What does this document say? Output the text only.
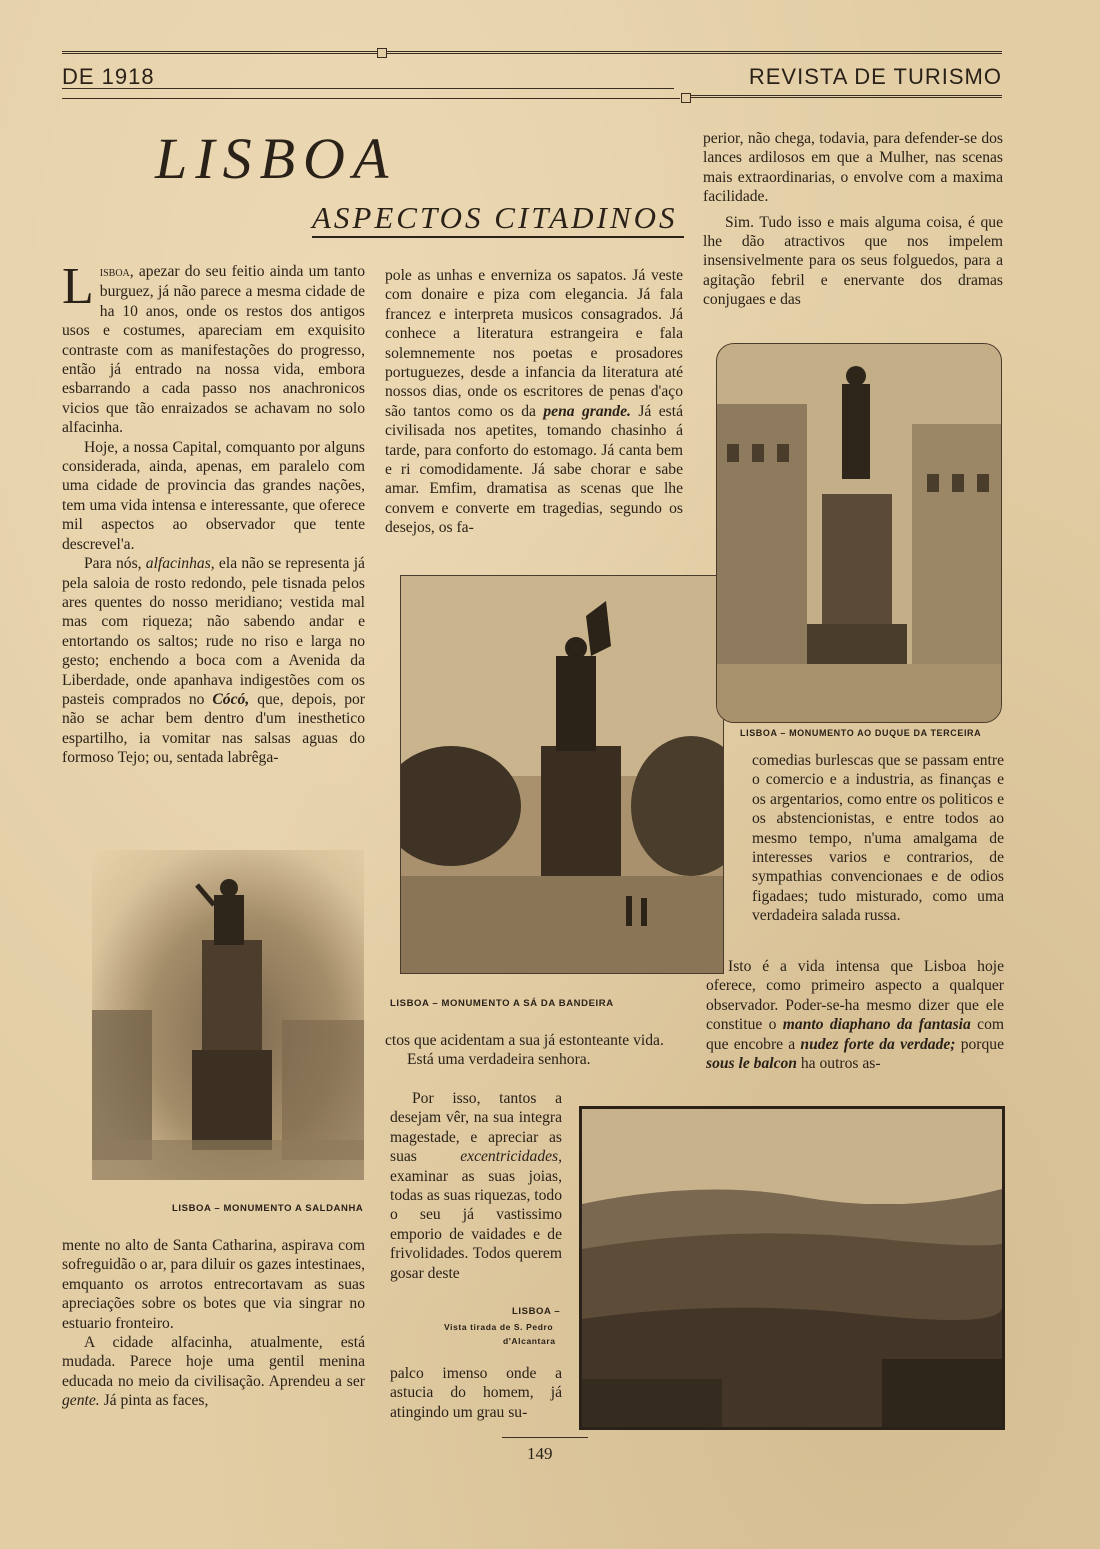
DE 1918	REVISTA DE TURISMO
LISBOA
ASPECTOS CITADINOS

Lisboa, apezar do seu feitio ainda um tanto burguez, já não parece a mesma cidade de ha 10 anos, onde os restos dos antigos usos e costumes, apareciam em exquisito contraste com as manifestações do progresso, então já entrado na nossa vida, embora esbarrando a cada passo nos anachronicos vicios que tão enraizados se achavam no solo alfacinha.

Hoje, a nossa Capital, comquanto por alguns considerada, ainda, apenas, em paralelo com uma cidade de provincia das grandes nações, tem uma vida intensa e interessante, que oferece mil aspectos ao observador que tente descrevel'a.

Para nós, alfacinhas, ela não se representa já pela saloia de rosto redondo, pele tisnada pelos ares quentes do nosso meridiano; vestida mal mas com riqueza; não sabendo andar e entortando os saltos; rude no riso e larga no gesto; enchendo a boca com a Avenida da Liberdade, onde apanhava indigestões com os pasteis comprados no Cócó, que, depois, por não se achar bem dentro d'um inesthetico espartilho, ia vomitar nas salsas aguas do formoso Tejo; ou, sentada labrêga-

LISBOA – MONUMENTO A SALDANHA

mente no alto de Santa Catharina, aspirava com sofreguidão o ar, para diluir os gazes intestinaes, emquanto os arrotos entrecortavam as suas apreciações sobre os botes que via singrar no estuario fronteiro.

A cidade alfacinha, atualmente, está mudada. Parece hoje uma gentil menina educada no meio da civilisação. Aprendeu a ser gente. Já pinta as faces,

pole as unhas e enverniza os sapatos. Já veste com donaire e piza com elegancia. Já fala francez e interpreta musicos consagrados. Já conhece a literatura estrangeira e fala solemnemente nos poetas e prosadores portuguezes, desde a infancia da literatura até nossos dias, onde os escritores de penas d'aço são tantos como os da pena grande. Já está civilisada nos apetites, tomando chasinho á tarde, para conforto do estomago. Já canta bem e ri comodidamente. Já sabe chorar e sabe amar. Emfim, dramatisa as scenas que lhe convem e converte em tragedias, segundo os desejos, os fa-

LISBOA – MONUMENTO A SÁ DA BANDEIRA

ctos que acidentam a sua já estonteante vida.

Está uma verdadeira senhora.

Por isso, tantos a desejam vêr, na sua integra magestade, e apreciar as suas excentricidades, examinar as suas joias, todas as suas riquezas, todo o seu já vastissimo emporio de vaidades e de frivolidades. Todos querem gosar deste

LISBOA –
Vista tirada de S. Pedro
d'Alcantara

palco imenso onde a astucia do homem, já atingindo um grau su-

perior, não chega, todavia, para defender-se dos lances ardilosos em que a Mulher, nas scenas mais extraordinarias, o envolve com a maxima facilidade.

Sim. Tudo isso e mais alguma coisa, é que lhe dão atractivos que nos impelem insensivelmente para os seus folguedos, para a agitação febril e enervante dos dramas conjugaes e das

LISBOA – MONUMENTO AO DUQUE DA TERCEIRA

comedias burlescas que se passam entre o comercio e a industria, as finanças e os argentarios, como entre os politicos e os abstencionistas, e entre todos ao mesmo tempo, n'uma amalgama de interesses varios e contrarios, de sympathias convencionaes e de odios figadaes; tudo misturado, como uma verdadeira salada russa.

Isto é a vida intensa que Lisboa hoje oferece, como primeiro aspecto a qualquer observador. Poder-se-ha mesmo dizer que ele constitue o manto diaphano da fantasia com que encobre a nudez forte da verdade; porque sous le balcon ha outros as-

149
